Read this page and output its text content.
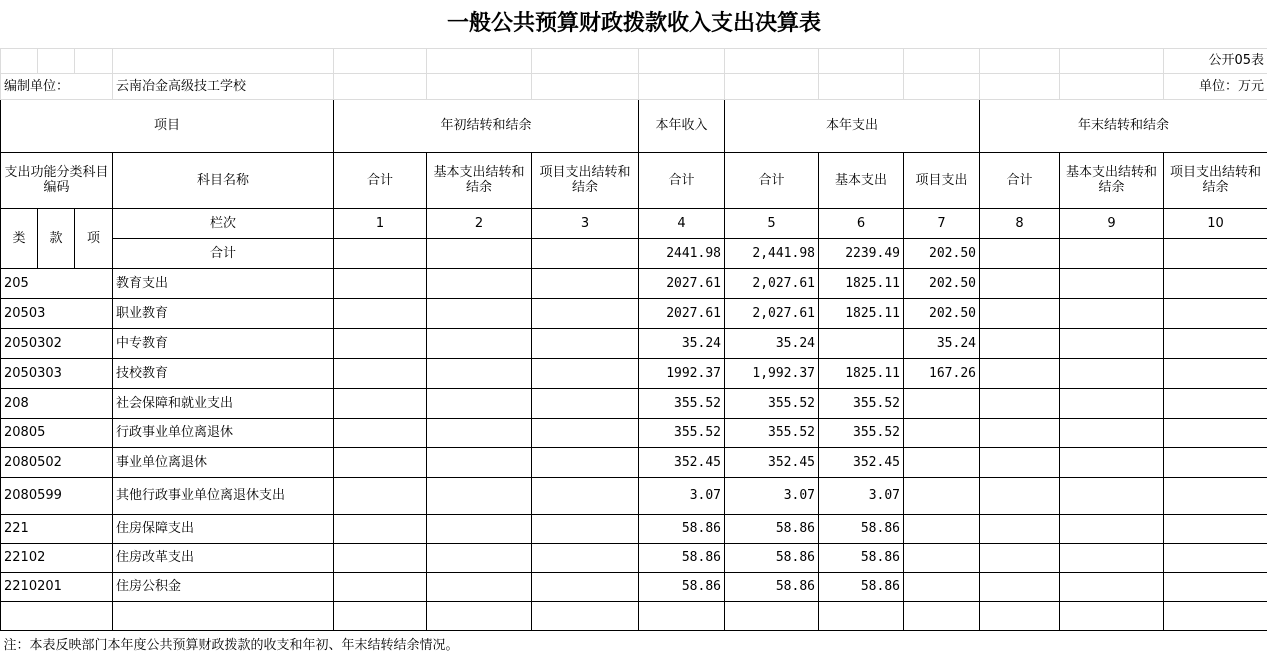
一般公共预算财政拨款收入支出决算表													
													公开05表
编制单位：			云南冶金高级技工学校										单位：万元
项目				年初结转和结余			本年收入	本年支出			年末结转和结余		
支出功能分类科目编码			科目名称	合计	基本支出结转和结余	项目支出结转和结余	合计	合计	基本支出	项目支出	合计	基本支出结转和结余	项目支出结转和结余
类	款	项	栏次	1	2	3	4	5	6	7	8	9	10
			合计				2441.98	2,441.98	2239.49	202.50			
205			教育支出				2027.61	2,027.61	1825.11	202.50			
20503			职业教育				2027.61	2,027.61	1825.11	202.50			
2050302			中专教育				35.24	35.24		35.24			
2050303			技校教育				1992.37	1,992.37	1825.11	167.26			
208			社会保障和就业支出				355.52	355.52	355.52				
20805			行政事业单位离退休				355.52	355.52	355.52				
2080502			事业单位离退休				352.45	352.45	352.45				
2080599			其他行政事业单位离退休支出				3.07	3.07	3.07				
221			住房保障支出				58.86	58.86	58.86				
22102			住房改革支出				58.86	58.86	58.86				
2210201			住房公积金				58.86	58.86	58.86				

注：本表反映部门本年度公共预算财政拨款的收支和年初、年末结转结余情况。													
